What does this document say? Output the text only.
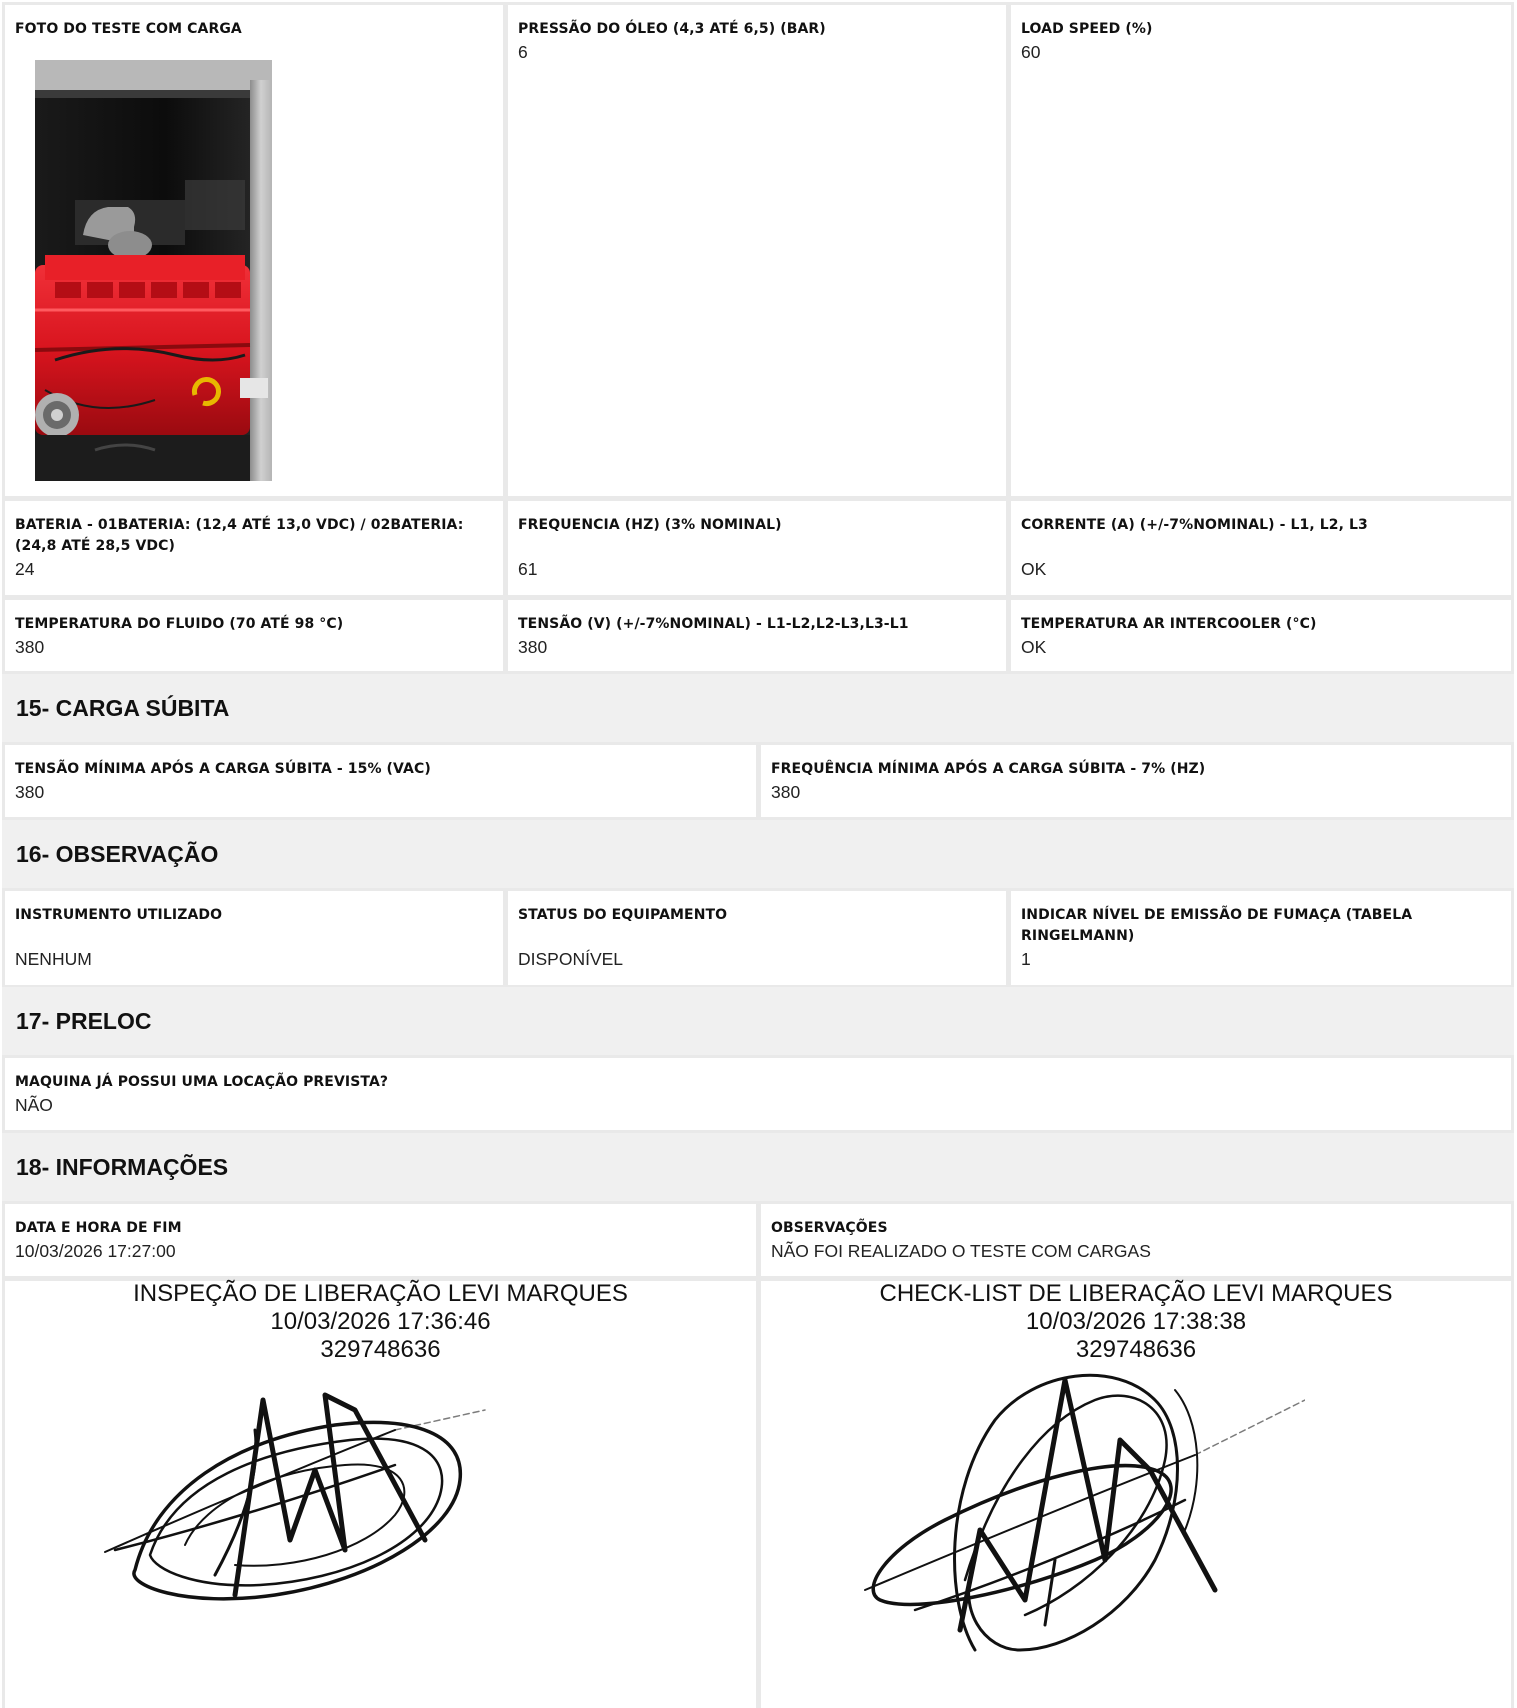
FOTO DO TESTE COM CARGA	PRESSÃO DO ÓLEO (4,3 ATÉ 6,5) (BAR)
6
LOAD SPEED (%)
60
BATERIA - 01BATERIA: (12,4 ATÉ 13,0 VDC) / 02BATERIA: (24,8 ATÉ 28,5 VDC)
24
FREQUENCIA (HZ) (3% NOMINAL)
61
CORRENTE (A) (+/-7%NOMINAL) - L1, L2, L3
OK
TEMPERATURA DO FLUIDO (70 ATÉ 98 °C)
380
TENSÃO (V) (+/-7%NOMINAL) - L1-L2,L2-L3,L3-L1
380
TEMPERATURA AR INTERCOOLER (°C)
OK
15- CARGA SÚBITA
TENSÃO MÍNIMA APÓS A CARGA SÚBITA - 15% (VAC)
380
FREQUÊNCIA MÍNIMA APÓS A CARGA SÚBITA - 7% (HZ)
380
16- OBSERVAÇÃO
INSTRUMENTO UTILIZADO
NENHUM
STATUS DO EQUIPAMENTO
DISPONÍVEL
INDICAR NÍVEL DE EMISSÃO DE FUMAÇA (TABELA RINGELMANN)
1
17- PRELOC
MAQUINA JÁ POSSUI UMA LOCAÇÃO PREVISTA?
NÃO
18- INFORMAÇÕES
DATA E HORA DE FIM
10/03/2026 17:27:00
OBSERVAÇÕES
NÃO FOI REALIZADO O TESTE COM CARGAS
INSPEÇÃO DE LIBERAÇÃO LEVI MARQUES
10/03/2026 17:36:46
329748636
CHECK-LIST DE LIBERAÇÃO LEVI MARQUES
10/03/2026 17:38:38
329748636
